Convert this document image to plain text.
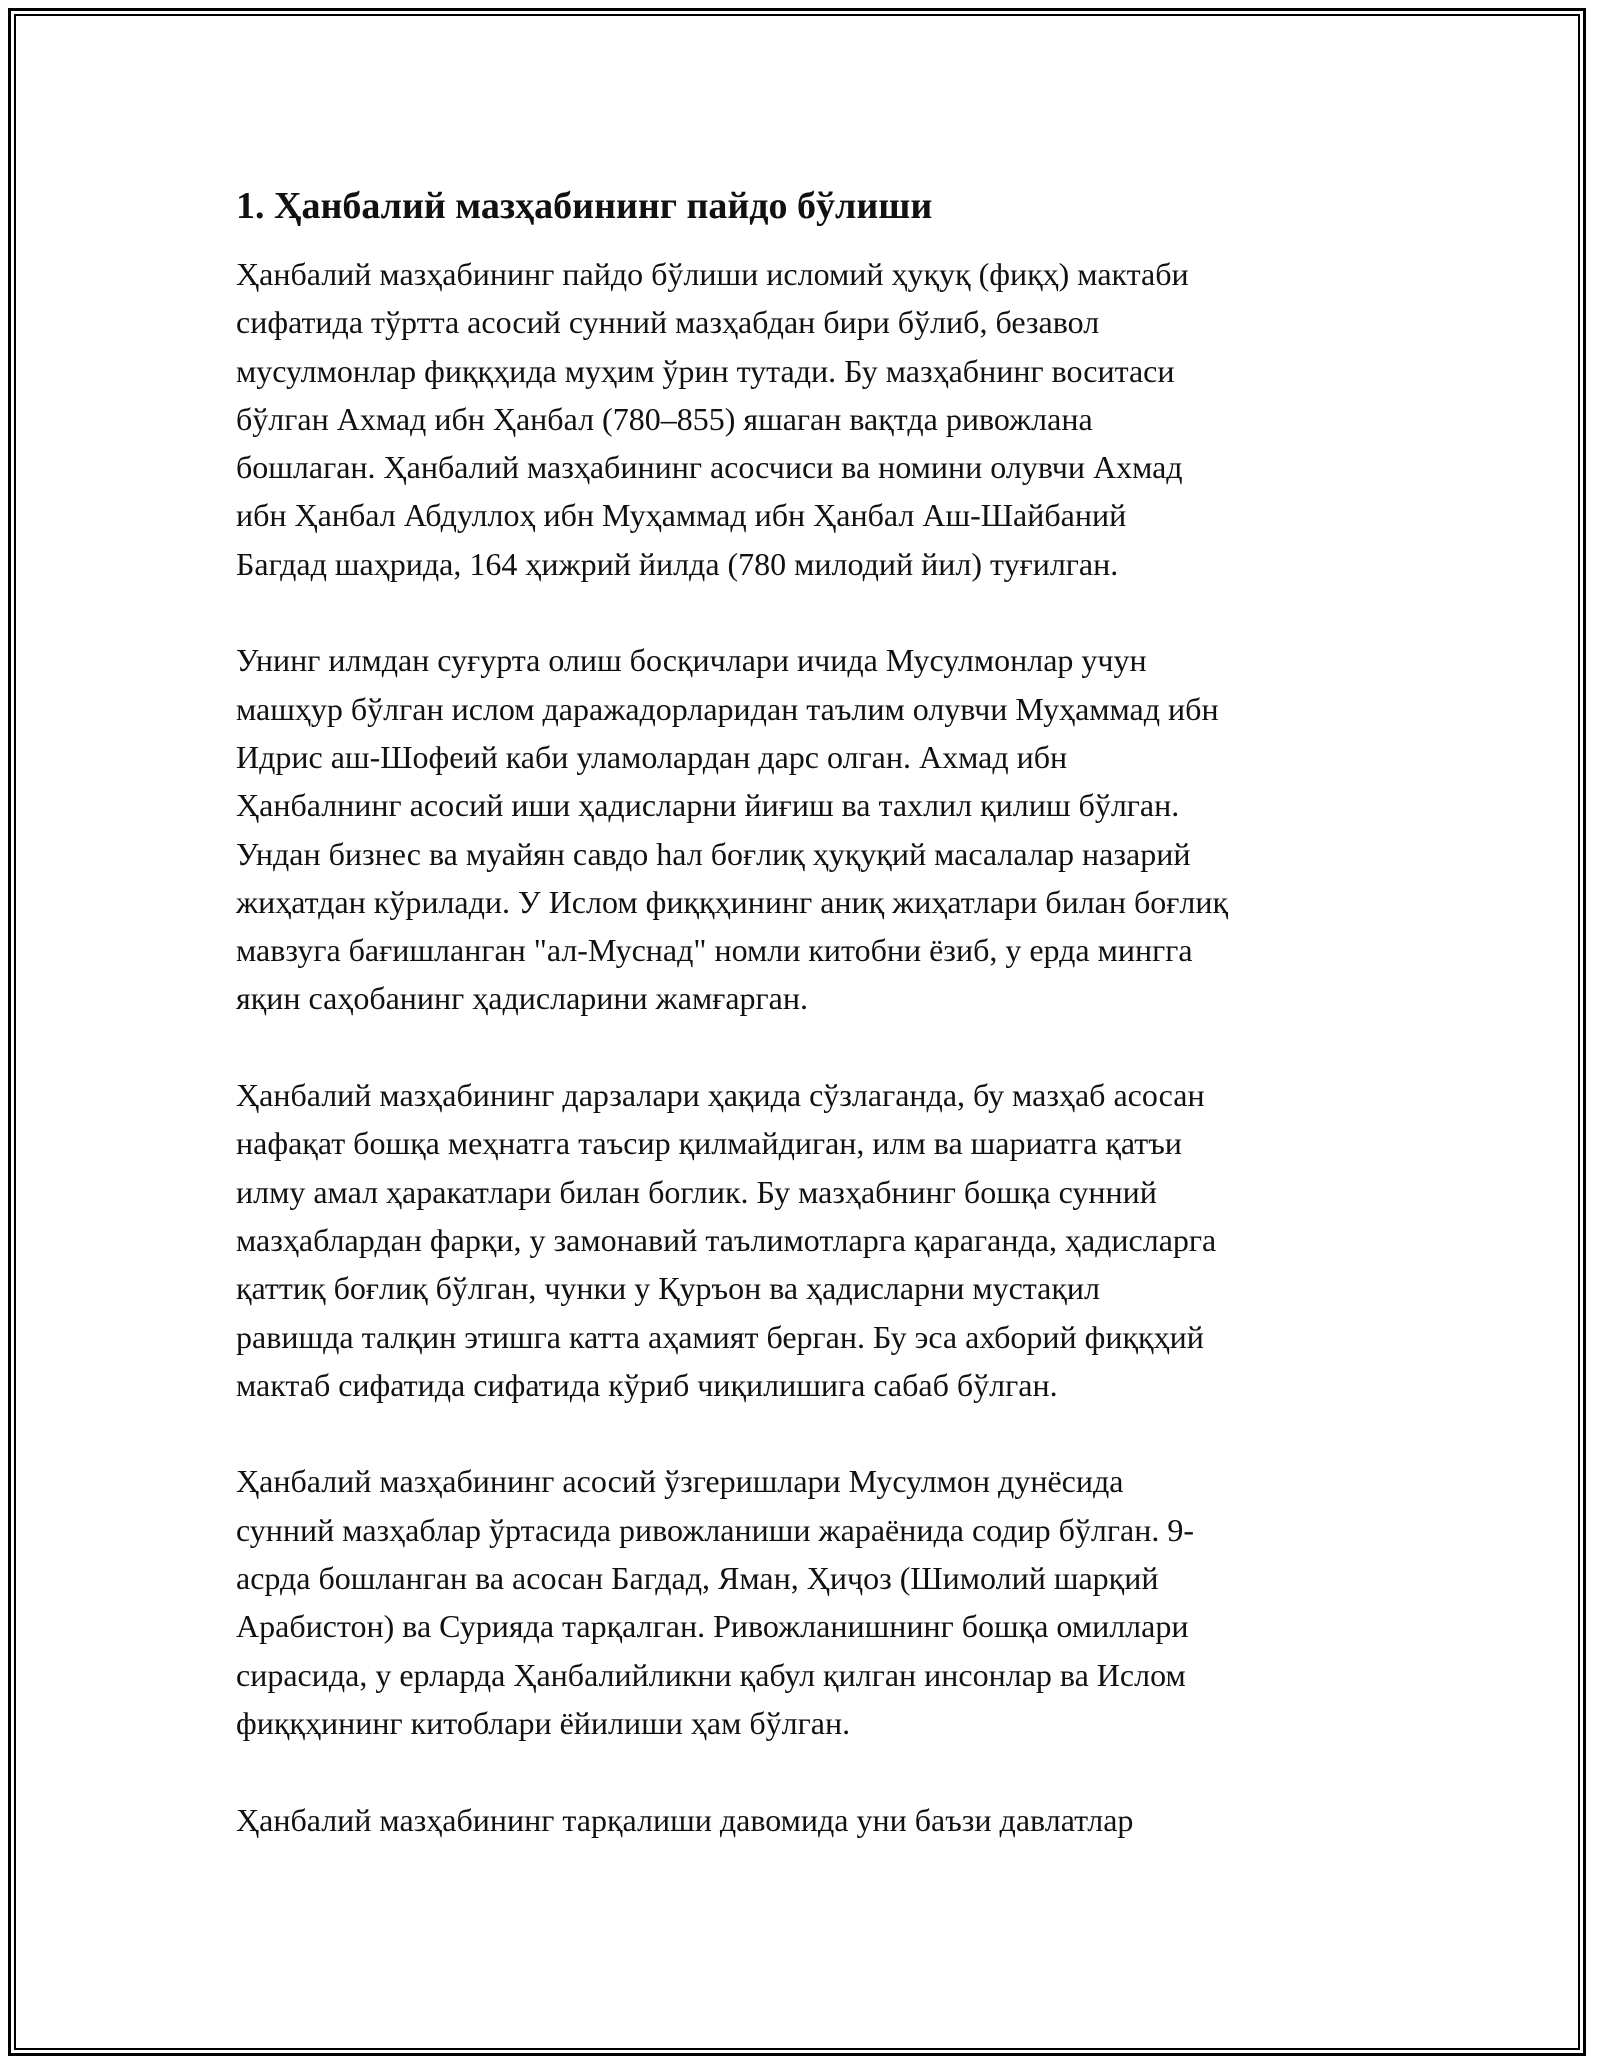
1. Ҳанбалий мазҳабининг пайдо бўлиши

Ҳанбалий мазҳабининг пайдо бўлиши исломий ҳуқуқ (фиқҳ) мактаби
сифатида тўртта асосий сунний мазҳабдан бири бўлиб, безавол
мусулмонлар фиққҳида муҳим ўрин тутади. Бу мазҳабнинг воситаси
бўлган Ахмад ибн Ҳанбал (780–855) яшаган вақтда ривожлана
бошлаган. Ҳанбалий мазҳабининг асосчиси ва номини олувчи Ахмад
ибн Ҳанбал Абдуллоҳ ибн Муҳаммад ибн Ҳанбал Аш-Шайбаний
Багдад шаҳрида, 164 ҳижрий йилда (780 милодий йил) туғилган.

Унинг илмдан суғурта олиш босқичлари ичида Мусулмонлар учун
машҳур бўлган ислом даражадорларидан таълим олувчи Муҳаммад ибн
Идрис аш-Шофеий каби уламолардан дарс олган. Ахмад ибн
Ҳанбалнинг асосий иши ҳадисларни йиғиш ва тахлил қилиш бўлган.
Ундан бизнес ва муайян савдо һал боғлиқ ҳуқуқий масалалар назарий
жиҳатдан кўрилади. У Ислом фиққҳининг аниқ жиҳатлари билан боғлиқ
мавзуга бағишланган "ал-Муснад" номли китобни ёзиб, у ерда мингга
яқин саҳобанинг ҳадисларини жамғарган.

Ҳанбалий мазҳабининг дарзалари ҳақида сўзлаганда, бу мазҳаб асосан
нафақат бошқа меҳнатга таъсир қилмайдиган, илм ва шариатга қатъи
илму амал ҳаракатлари билан боглик. Бу мазҳабнинг бошқа сунний
мазҳаблардан фарқи, у замонавий таълимотларга қараганда, ҳадисларга
қаттиқ боғлиқ бўлган, чунки у Қуръон ва ҳадисларни мустақил
равишда талқин этишга катта аҳамият берган. Бу эса ахборий фиққҳий
мактаб сифатида сифатида кўриб чиқилишига сабаб бўлган.

Ҳанбалий мазҳабининг асосий ўзгеришлари Мусулмон дунёсида
сунний мазҳаблар ўртасида ривожланиши жараёнида содир бўлган. 9-
асрда бошланган ва асосан Багдад, Яман, Ҳиҷоз (Шимолий шарқий
Арабистон) ва Сурияда тарқалган. Ривожланишнинг бошқа омиллари
сирасида, у ерларда Ҳанбалийликни қабул қилган инсонлар ва Ислом
фиққҳининг китоблари ёйилиши ҳам бўлган.

Ҳанбалий мазҳабининг тарқалиши давомида уни баъзи давлатлар
